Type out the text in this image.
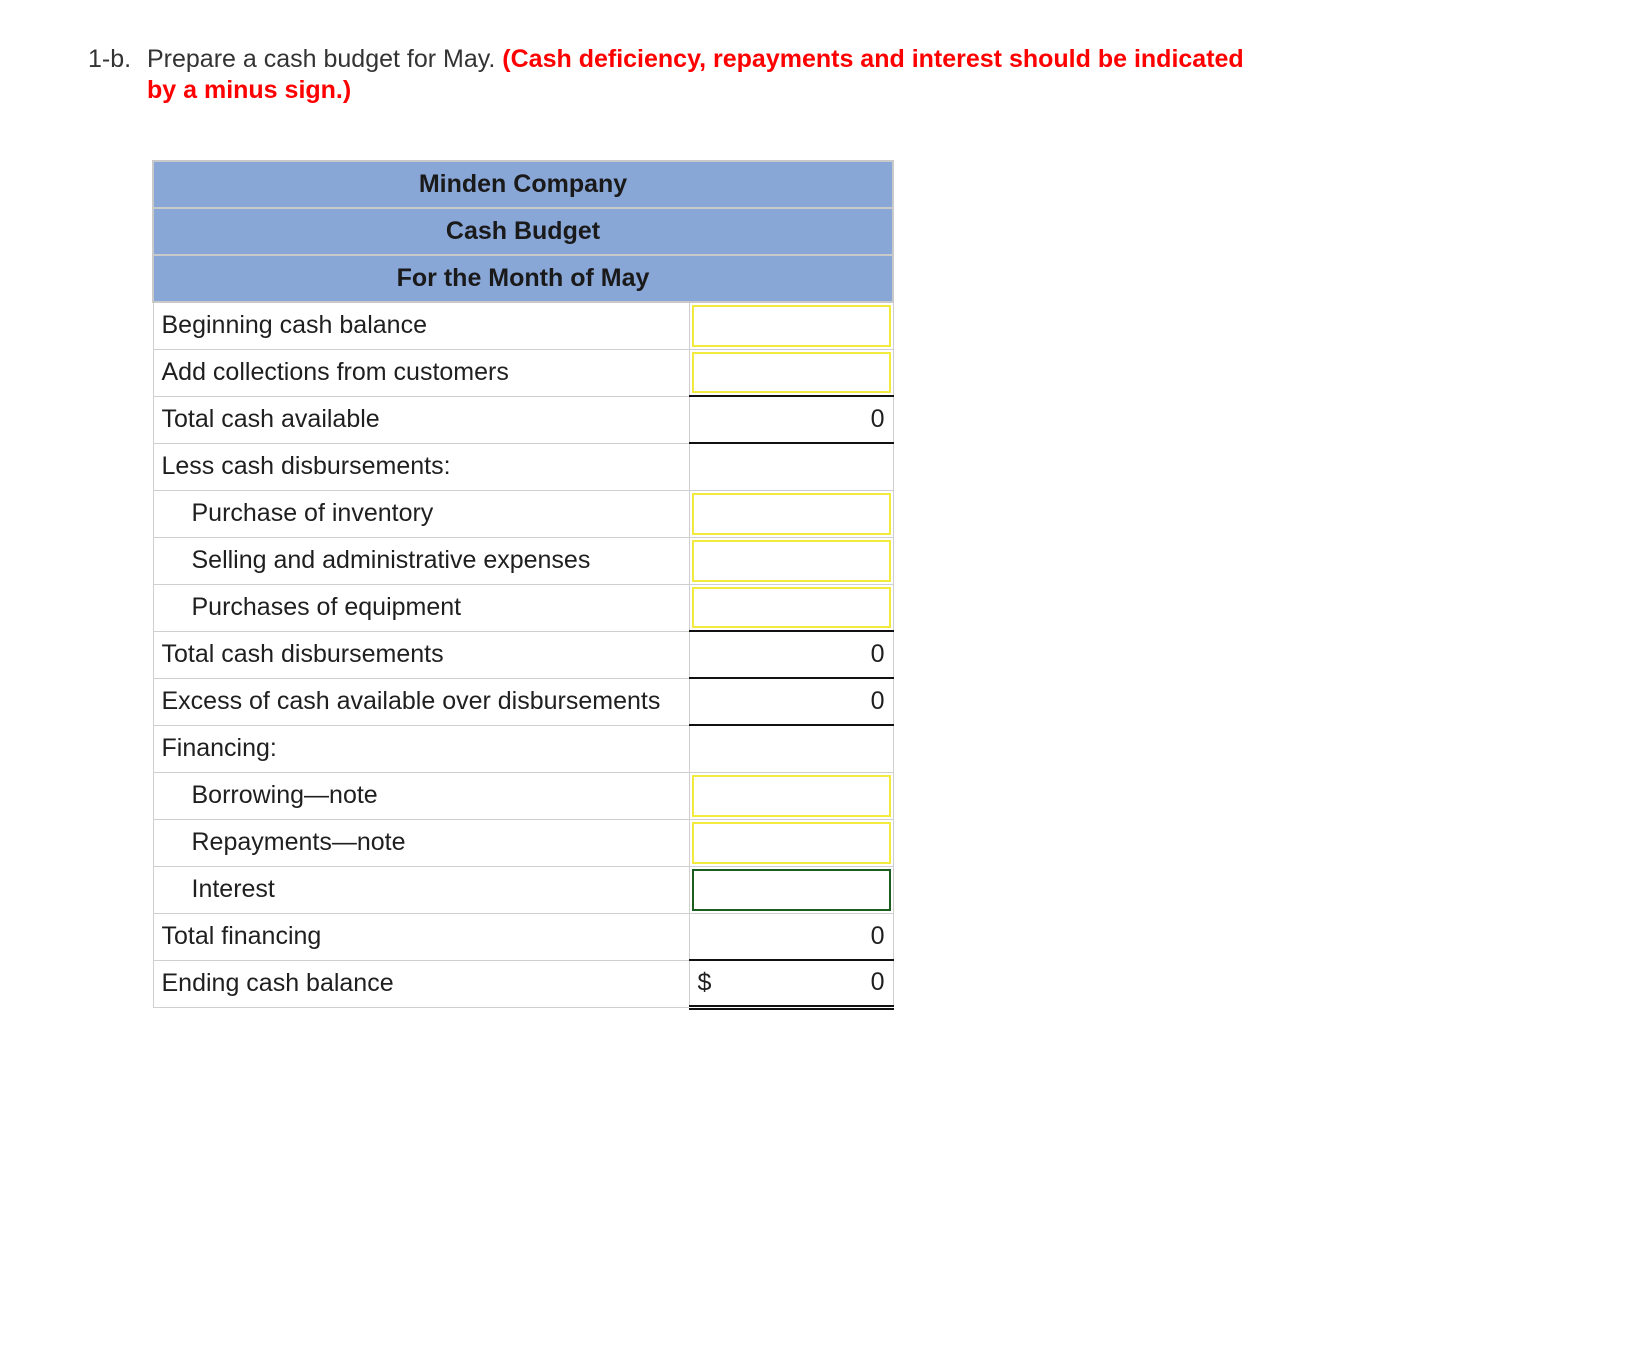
1-b. Prepare a cash budget for May. (Cash deficiency, repayments and interest should be indicated
by a minus sign.)
Minden Company	
Cash Budget	
For the Month of May	
Beginning cash balance	
Add collections from customers	
Total cash available	0
Less cash disbursements:	
Purchase of inventory	
Selling and administrative expenses	
Purchases of equipment	
Total cash disbursements	0
Excess of cash available over disbursements	0
Financing:	
Borrowing—note	
Repayments—note	
Interest	
Total financing	0
Ending cash balance	$ 0
